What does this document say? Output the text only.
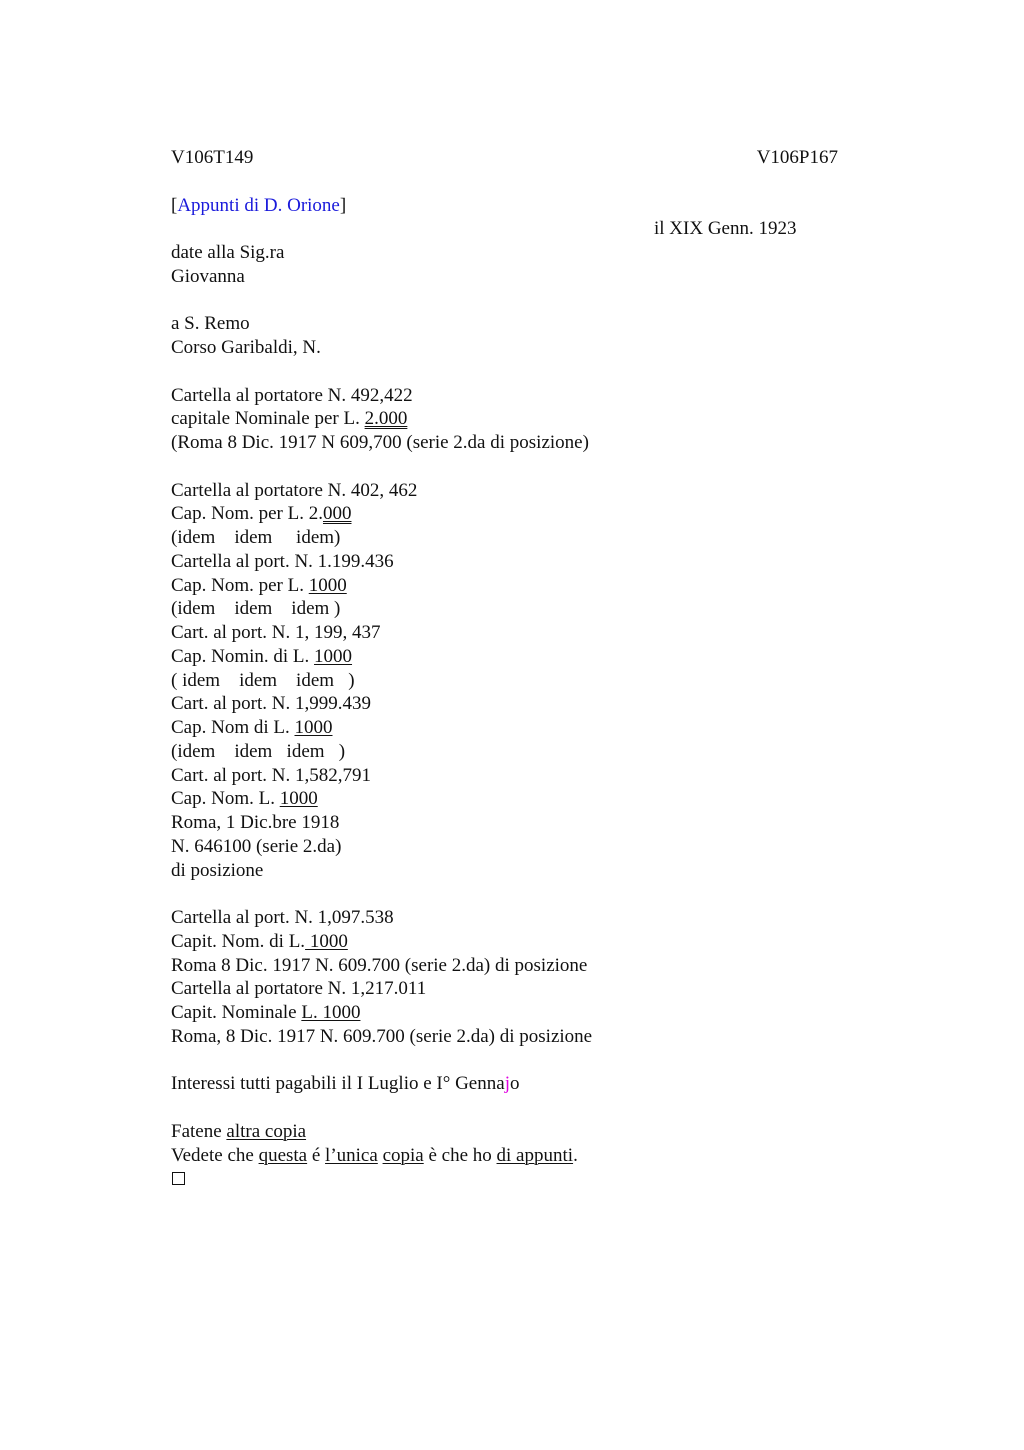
V106T149	V106P167
[Appunti di D. Orione]
il XIX Genn. 1923
date alla Sig.ra
Giovanna
a S. Remo
Corso Garibaldi, N.
Cartella al portatore N. 492,422
capitale Nominale per L. 2.000
(Roma 8 Dic. 1917 N 609,700 (serie 2.da di posizione)
Cartella al portatore N. 402, 462
Cap. Nom. per L. 2.000
(idem    idem     idem)
Cartella al port. N. 1.199.436
Cap. Nom. per L. 1000
(idem    idem    idem )
Cart. al port. N. 1, 199, 437
Cap. Nomin. di L. 1000
( idem    idem    idem   )
Cart. al port. N. 1,999.439
Cap. Nom di L. 1000
(idem    idem   idem   )
Cart. al port. N. 1,582,791
Cap. Nom. L. 1000
Roma, 1 Dic.bre 1918
N. 646100 (serie 2.da)
di posizione
Cartella al port. N. 1,097.538
Capit. Nom. di L. 1000
Roma 8 Dic. 1917 N. 609.700 (serie 2.da) di posizione
Cartella al portatore N. 1,217.011
Capit. Nominale L. 1000
Roma, 8 Dic. 1917 N. 609.700 (serie 2.da) di posizione
Interessi tutti pagabili il I Luglio e I° Gennajo
Fatene altra copia
Vedete che questa é l’unica copia è che ho di appunti.
